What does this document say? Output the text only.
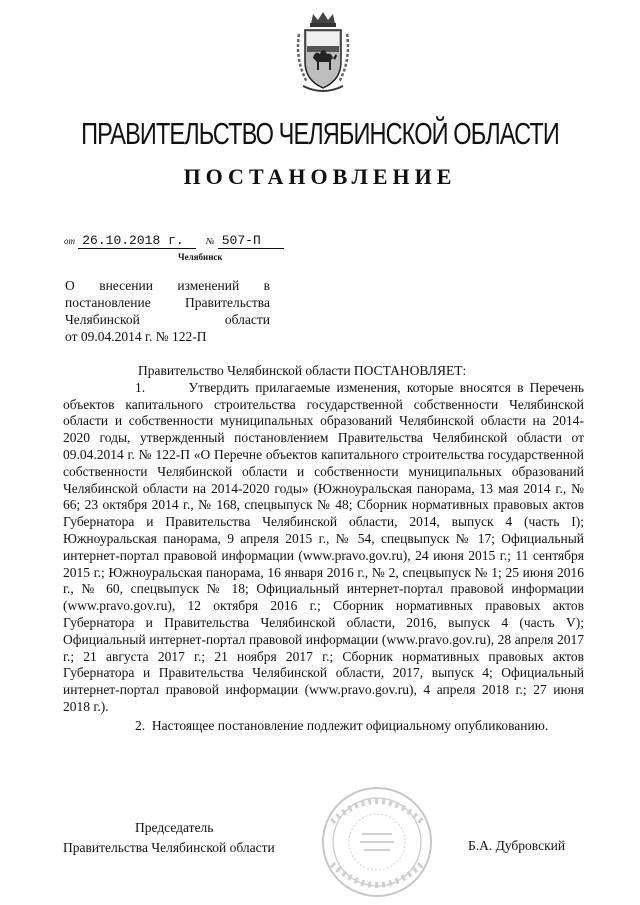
ПРАВИТЕЛЬСТВО ЧЕЛЯБИНСКОЙ ОБЛАСТИ
ПОСТАНОВЛЕНИЕ
от 26.10.2018 г. № 507-П
Челябинск
О внесении изменений в
постановление Правительства
Челябинской области
от 09.04.2014 г. № 122-П

Правительство Челябинской области ПОСТАНОВЛЯЕТ:

1.       Утвердить прилагаемые изменения, которые вносятся в Перечень объектов капитального строительства государственной собственности Челябинской области и собственности муниципальных образований Челябинской области на 2014-2020 годы, утвержденный постановлением Правительства Челябинской области от 09.04.2014 г. № 122-П «О Перечне объектов капитального строительства государственной собственности Челябинской области и собственности муниципальных образований Челябинской области на 2014-2020 годы» (Южноуральская панорама, 13 мая 2014 г., № 66; 23 октября 2014 г., № 168, спецвыпуск № 48; Сборник нормативных правовых актов Губернатора и Правительства Челябинской области, 2014, выпуск 4 (часть I); Южноуральская панорама, 9 апреля 2015 г., № 54, спецвыпуск № 17; Официальный интернет-портал правовой информации (www.pravo.gov.ru), 24 июня 2015 г.; 11 сентября 2015 г.; Южноуральская панорама, 16 января 2016 г., № 2, спецвыпуск № 1; 25 июня 2016 г., № 60, спецвыпуск № 18; Официальный интернет-портал правовой информации (www.pravo.gov.ru), 12 октября 2016 г.; Сборник нормативных правовых актов Губернатора и Правительства Челябинской области, 2016, выпуск 4 (часть V); Официальный интернет-портал правовой информации (www.pravo.gov.ru), 28 апреля 2017 г.; 21 августа 2017 г.; 21 ноября 2017 г.; Сборник нормативных правовых актов Губернатора и Правительства Челябинской области, 2017, выпуск 4; Официальный интернет-портал правовой информации (www.pravo.gov.ru), 4 апреля 2018 г.; 27 июня 2018 г.).

2.  Настоящее постановление подлежит официальному опубликованию.

Председатель
Правительства Челябинской области	Б.А. Дубровский
